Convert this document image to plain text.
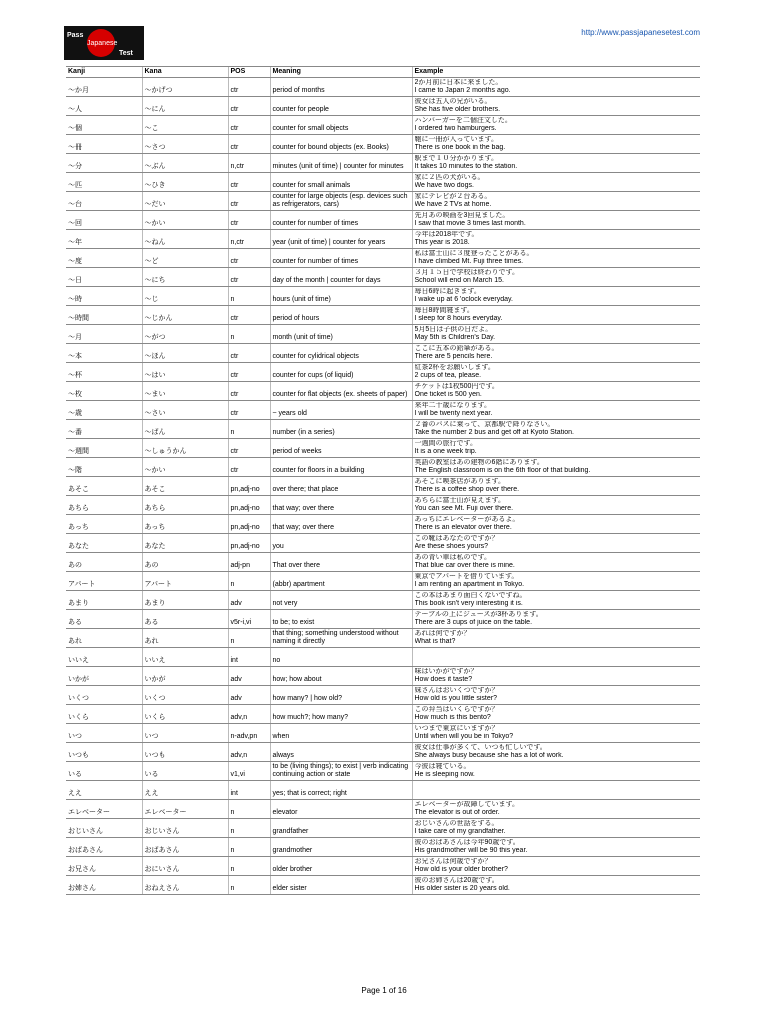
Pass
Japanese
Test
http://www.passjapanesetest.com
Kanji	Kana	POS	Meaning	Example
～か月	～かげつ	ctr	period of months	2か月前に日本に来ました。
I came to Japan 2 months ago.

～人	～にん	ctr	counter for people	彼女は五人の兄がいる。
She has five older brothers.

～個	～こ	ctr	counter for small objects	ハンバーガーを二個注文した。
I ordered two hamburgers.

～冊	～さつ	ctr	counter for bound objects (ex. Books)	鞄に一冊が入っています。
There is one book in the bag.

～分	～ぶん	n,ctr	minutes (unit of time) | counter for minutes	駅まで１０分かかります。
It takes 10 minutes to the station.

～匹	～ひき	ctr	counter for small animals	家に２匹の犬がいる。
We have two dogs.

～台	～だい	ctr	counter for large objects (esp. devices such as refrigerators, cars)	家にテレビが２台ある。
We have 2 TVs at home.

～回	～かい	ctr	counter for number of times	先月あの映画を3回見ました。
I saw that movie 3 times last month.

～年	～ねん	n,ctr	year (unit of time) | counter for years	今年は2018年です。
This year is 2018.

～度	～ど	ctr	counter for number of times	私は富士山に３度登ったことがある。
I have climbed Mt. Fuji three times.

～日	～にち	ctr	day of the month | counter for days	３月１５日で学校は終わりです。
School will end on March 15.

～時	～じ	n	hours (unit of time)	毎日6時に起きます。
I wake up at 6 'oclock everyday.

～時間	～じかん	ctr	period of hours	毎日8時間寝ます。
I sleep for 8 hours everyday.

～月	～がつ	n	month (unit of time)	5月5日は子供の日だよ。
May 5th is Children's Day.

～本	～ほん	ctr	counter for cylidrical objects	ここに五本の鉛筆がある。
There are 5 pencils here.

～杯	～はい	ctr	counter for cups (of liquid)	紅茶2杯をお願いします。
2 cups of tea, please.

～枚	～まい	ctr	counter for flat objects (ex. sheets of paper)	チケットは1枚500円です。
One ticket is 500 yen.

～歳	～さい	ctr	~ years old	来年二十歳になります。
I will be twenty next year.

～番	～ばん	n	number (in a series)	２番のバスに乗って、京都駅で降りなさい。
Take the number 2 bus and get off at Kyoto Station.

～週間	～しゅうかん	ctr	period of weeks	一週間の旅行です。
It is a one week trip.

～階	～かい	ctr	counter for floors in a building	英語の教室はあの建物の6階にあります。
The English classroom is on the 6th floor of that building.

あそこ	あそこ	pn,adj-no	over there; that place	あそこに喫茶店があります。
There is a coffee shop over there.

あちら	あちら	pn,adj-no	that way; over there	あちらに富士山が見えます。
You can see Mt. Fuji over there.

あっち	あっち	pn,adj-no	that way; over there	あっちにエレベーターがあるよ。
There is an elevator over there.

あなた	あなた	pn,adj-no	you	この靴はあなたのですか？
Are these shoes yours?

あの	あの	adj-pn	That over there	あの青い車は私のです。
That blue car over there is mine.

アパート	アパート	n	(abbr) apartment	東京でアパートを借りています。
I am renting an apartment in Tokyo.

あまり	あまり	adv	not very	この本はあまり面白くないですね。
This book isn't very interesting it is.

ある	ある	v5r-i,vi	to be; to exist	テーブルの上にジュースが3杯あります。
There are 3 cups of juice on the table.

あれ	あれ	n	that thing; something understood without naming it directly	あれは何ですか？
What is that?

いいえ	いいえ	int	no	

いかが	いかが	adv	how; how about	味はいかがですか？
How does it taste?

いくつ	いくつ	adv	how many? | how old?	妹さんはおいくつですか？
How old is you little sister?

いくら	いくら	adv,n	how much?; how many?	この弁当はいくらですか？
How much is this bento?

いつ	いつ	n-adv,pn	when	いつまで東京にいますか？
Until when will you be in Tokyo?

いつも	いつも	adv,n	always	彼女は仕事が多くて、いつも忙しいです。
She always busy because she has a lot of work.

いる	いる	v1,vi	to be (living things); to exist | verb indicating continuing action or state	今彼は寝ている。
He is sleeping now.

ええ	ええ	int	yes; that is correct; right	

エレベーター	エレベーター	n	elevator	エレベーターが故障しています。
The elevator is out of order.

おじいさん	おじいさん	n	grandfather	おじいさんの世話をする。
I take care of my grandfather.

おばあさん	おばあさん	n	grandmother	彼のおばあさんは今年90歳です。
His grandmother will be 90 this year.

お兄さん	おにいさん	n	older brother	お兄さんは何歳ですか？
How old is your older brother?

お姉さん	おねえさん	n	elder sister	彼のお姉さんは20歳です。
His older sister is 20 years old.
Page 1 of 16
